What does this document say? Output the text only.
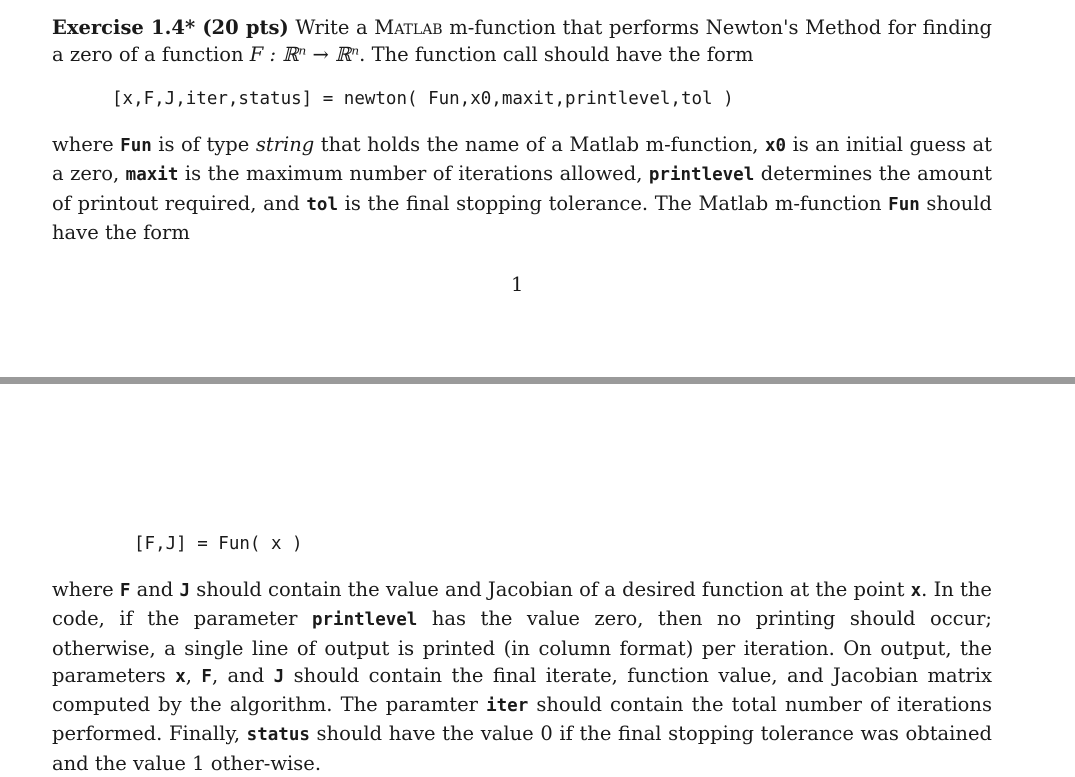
Exercise 1.4* (20 pts) Write a Matlab m-function that performs Newton's Method for finding a zero of a function F : ℝⁿ → ℝⁿ. The function call should have the form

[x,F,J,iter,status] = newton( Fun,x0,maxit,printlevel,tol )

where Fun is of type string that holds the name of a Matlab m-function, x0 is an initial guess at a zero, maxit is the maximum number of iterations allowed, printlevel determines the amount of printout required, and tol is the final stopping tolerance. The Matlab m-function Fun should have the form

1
[F,J] = Fun( x )

where F and J should contain the value and Jacobian of a desired function at the point x. In the code, if the parameter printlevel has the value zero, then no printing should occur; otherwise, a single line of output is printed (in column format) per iteration. On output, the parameters x, F, and J should contain the final iterate, function value, and Jacobian matrix computed by the algorithm. The paramter iter should contain the total number of iterations performed. Finally, status should have the value 0 if the final stopping tolerance was obtained and the value 1 other-wise.
